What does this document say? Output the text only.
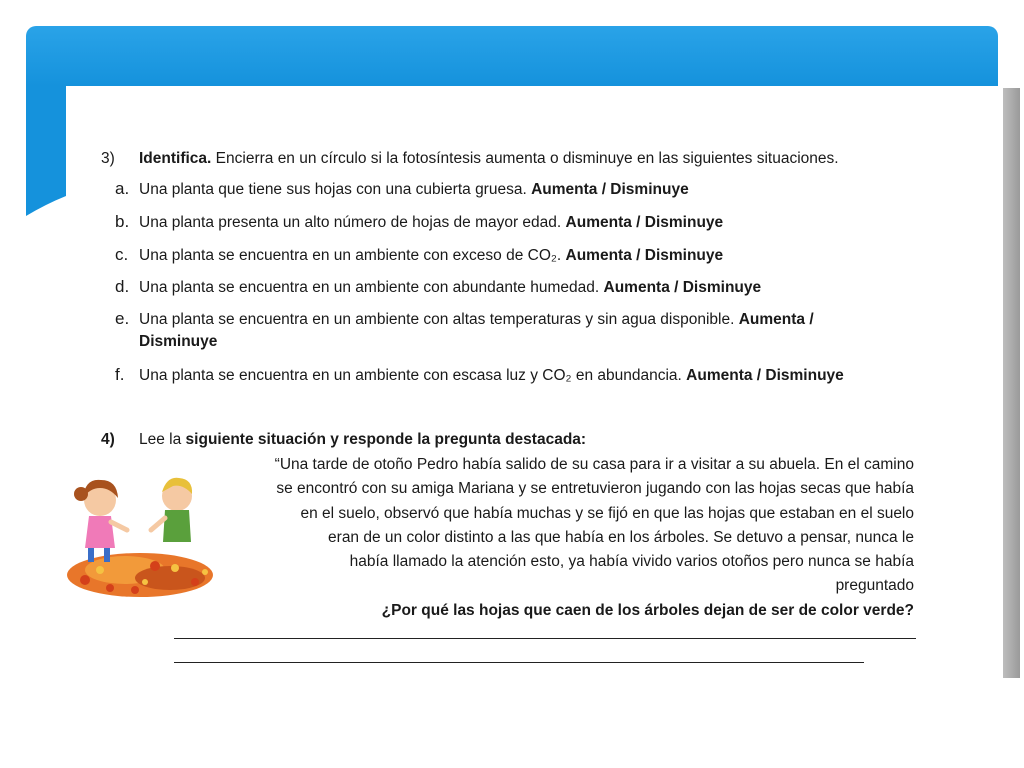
3) Identifica. Encierra en un círculo si la fotosíntesis aumenta o disminuye en las siguientes situaciones.
a. Una planta que tiene sus hojas con una cubierta gruesa. Aumenta / Disminuye
b. Una planta presenta un alto número de hojas de mayor edad. Aumenta / Disminuye
c. Una planta se encuentra en un ambiente con exceso de CO₂. Aumenta / Disminuye
d. Una planta se encuentra en un ambiente con abundante humedad. Aumenta / Disminuye
e. Una planta se encuentra en un ambiente con altas temperaturas y sin agua disponible. Aumenta /
Disminuye
f. Una planta se encuentra en un ambiente con escasa luz y CO₂ en abundancia. Aumenta / Disminuye
4) Lee la siguiente situación y responde la pregunta destacada:
“Una tarde de otoño Pedro había salido de su casa para ir a visitar a su abuela. En el camino
se encontró con su amiga Mariana y se entretuvieron jugando con las hojas secas que había
en el suelo, observó que había muchas y se fijó en que las hojas que estaban en el suelo
eran de un color distinto a las que había en los árboles. Se detuvo a pensar, nunca le
había llamado la atención esto, ya había vivido varios otoños pero nunca se había
preguntado
¿Por qué las hojas que caen de los árboles dejan de ser de color verde?
